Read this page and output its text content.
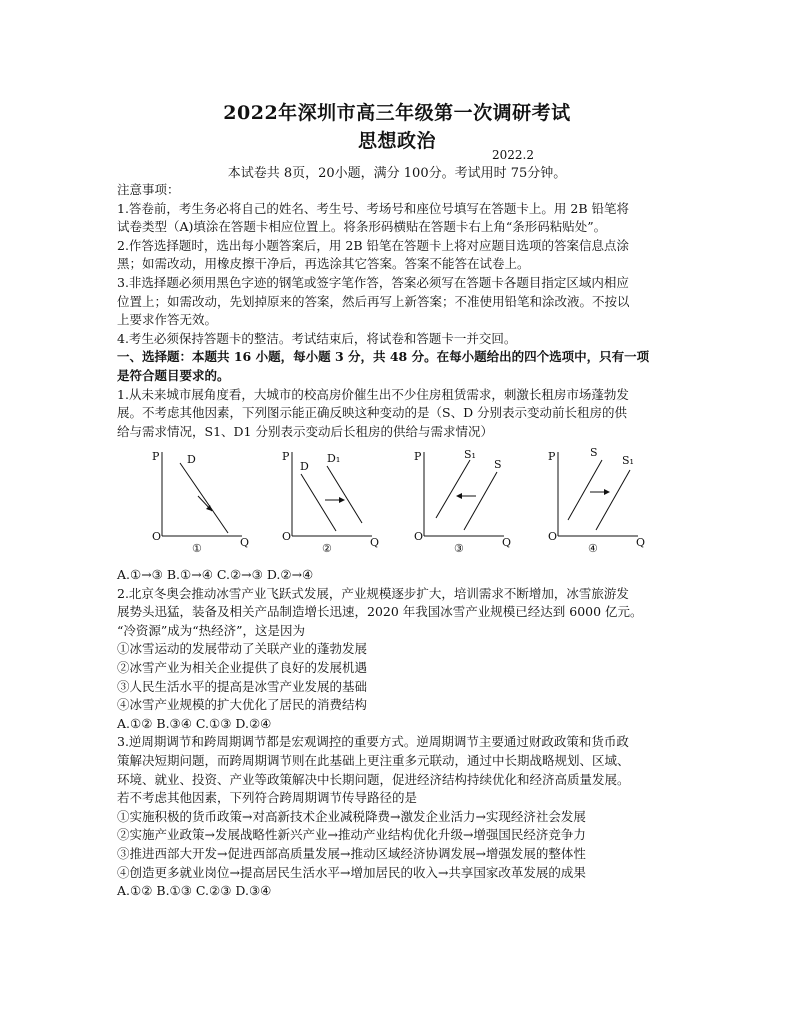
2022年深圳市高三年级第一次调研考试
思想政治
2022.2
本试卷共 8页，20小题，满分 100分。考试用时 75分钟。

注意事项：

1.答卷前，考生务必将自己的姓名、考生号、考场号和座位号填写在答题卡上。用 2B 铅笔将

试卷类型（A)填涂在答题卡相应位置上。将条形码横贴在答题卡右上角“条形码粘贴处”。

2.作答选择题时，选出每小题答案后，用 2B 铅笔在答题卡上将对应题目选项的答案信息点涂

黑；如需改动，用橡皮擦干净后，再选涂其它答案。答案不能答在试卷上。

3.非选择题必须用黑色字迹的钢笔或签字笔作答，答案必须写在答题卡各题目指定区域内相应

位置上；如需改动，先划掉原来的答案，然后再写上新答案；不准使用铅笔和涂改液。不按以

上要求作答无效。

4.考生必须保持答题卡的整洁。考试结束后，将试卷和答题卡一并交回。

一、选择题：本题共 16 小题，每小题 3 分，共 48 分。在每小题给出的四个选项中，只有一项

是符合题目要求的。

1.从未来城市展角度看，大城市的校高房价催生出不少住房租赁需求，刺激长租房市场蓬勃发

展。不考虑其他因素，下列图示能正确反映这种变动的是（S、D 分别表示变动前长租房的供

给与需求情况，S1、D1 分别表示变动后长租房的供给与需求情况）

P
O	Q
D
①
P
O	Q
D
D₁
②
P
O	Q
S₁
S
③
P
O	Q
S
S₁
④

A.①→③ B.①→④ C.②→③ D.②→④

2.北京冬奥会推动冰雪产业飞跃式发展，产业规模逐步扩大，培训需求不断增加，冰雪旅游发

展势头迅猛，装备及相关产品制造增长迅速，2020 年我国冰雪产业规模已经达到 6000 亿元。

“冷资源”成为“热经济”，这是因为

①冰雪运动的发展带动了关联产业的蓬勃发展

②冰雪产业为相关企业提供了良好的发展机遇

③人民生活水平的提高是冰雪产业发展的基础

④冰雪产业规模的扩大优化了居民的消费结构

A.①② B.③④ C.①③ D.②④

3.逆周期调节和跨周期调节都是宏观调控的重要方式。逆周期调节主要通过财政政策和货币政

策解决短期问题，而跨周期调节则在此基础上更注重多元联动，通过中长期战略规划、区域、

环境、就业、投资、产业等政策解决中长期问题，促进经济结构持续优化和经济高质量发展。

若不考虑其他因素，下列符合跨周期调节传导路径的是

①实施积极的货币政策→对高新技术企业减税降费→激发企业活力→实现经济社会发展

②实施产业政策→发展战略性新兴产业→推动产业结构优化升级→增强国民经济竞争力

③推进西部大开发→促进西部高质量发展→推动区域经济协调发展→增强发展的整体性

④创造更多就业岗位→提高居民生活水平→增加居民的收入→共享国家改革发展的成果

A.①② B.①③ C.②③ D.③④
